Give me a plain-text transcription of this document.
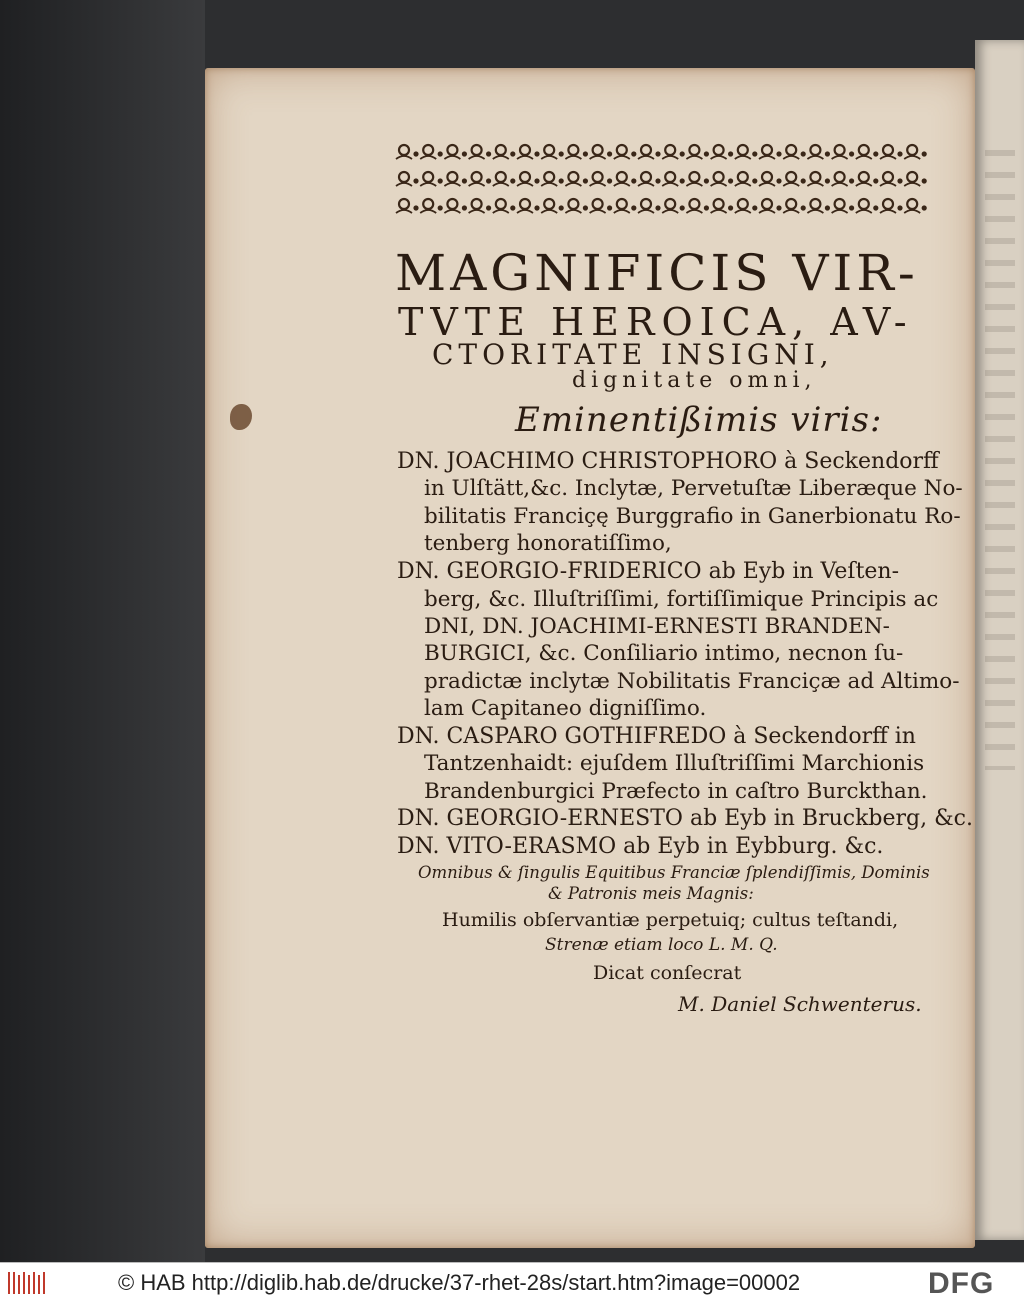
MAGNIFICIS VIR-
TVTE HEROICA, AV-
CTORITATE INSIGNI,
dignitate omni,
Eminentißimis viris:
DN. JOACHIMO CHRISTOPHORO à Seckendorff
in Ulſtätt,&c. Inclytæ, Pervetuſtæ Liberæque No-
bilitatis Franciçę Burggrafio in Ganerbionatu Ro-
tenberg honoratiſſimo,
DN. GEORGIO-FRIDERICO ab Eyb in Veſten-
berg, &c. Illuſtriſſimi, fortiſſimique Principis ac
DNI, DN. JOACHIMI-ERNESTI BRANDEN-
BURGICI, &c. Conſiliario intimo, necnon ſu-
pradictæ inclytæ Nobilitatis Franciçæ ad Altimo-
lam Capitaneo digniſſimo.
DN. CASPARO GOTHIFREDO à Seckendorff in
Tantzenhaidt: ejuſdem Illuſtriſſimi Marchionis
Brandenburgici Præfecto in caſtro Burckthan.
DN. GEORGIO-ERNESTO ab Eyb in Bruckberg, &c.
DN. VITO-ERASMO ab Eyb in Eybburg. &c.
Omnibus & ſingulis Equitibus Franciæ ſplendiſſimis, Dominis
& Patronis meis Magnis:
Humilis obſervantiæ perpetuiq; cultus teſtandi,
Strenæ etiam loco L. M. Q.
Dicat conſecrat
M. Daniel Schwenterus.
© HAB http://diglib.hab.de/drucke/37-rhet-28s/start.htm?image=00002	DFG
